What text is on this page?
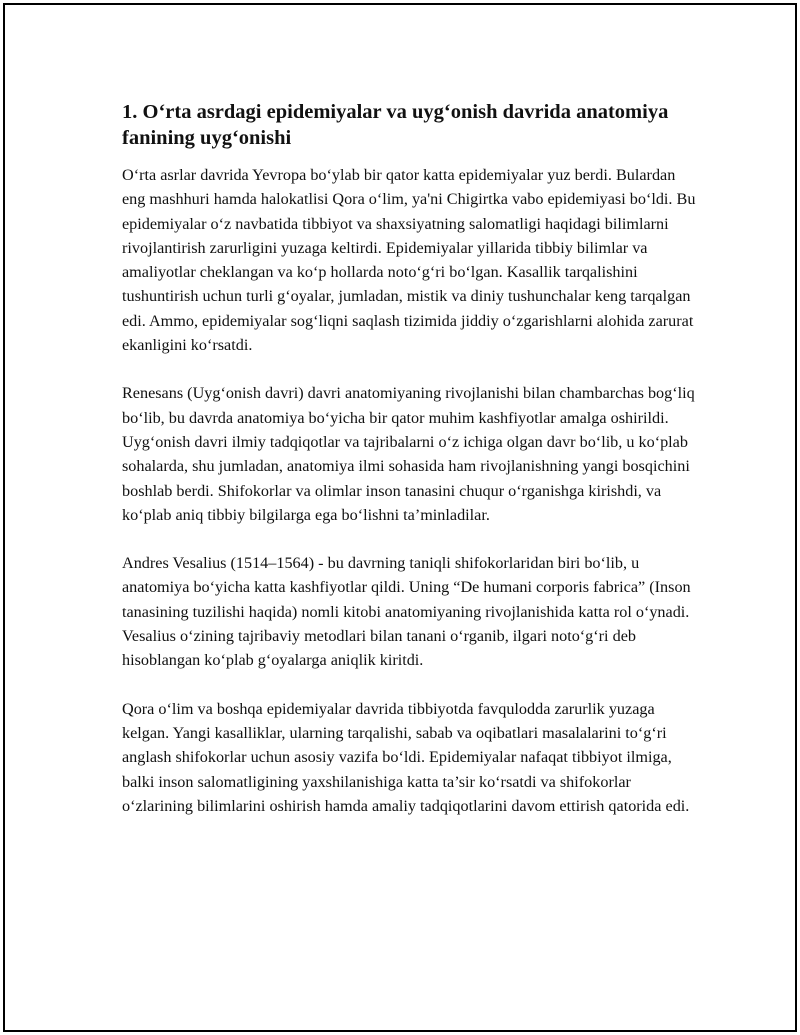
1. O‘rta asrdagi epidemiyalar va uyg‘onish davrida anatomiya fanining uyg‘onishi

O‘rta asrlar davrida Yevropa bo‘ylab bir qator katta epidemiyalar yuz berdi. Bulardan eng mashhuri hamda halokatlisi Qora o‘lim, ya'ni Chigirtka vabo epidemiyasi bo‘ldi. Bu epidemiyalar o‘z navbatida tibbiyot va shaxsiyatning salomatligi haqidagi bilimlarni rivojlantirish zarurligini yuzaga keltirdi. Epidemiyalar yillarida tibbiy bilimlar va amaliyotlar cheklangan va ko‘p hollarda noto‘g‘ri bo‘lgan. Kasallik tarqalishini tushuntirish uchun turli g‘oyalar, jumladan, mistik va diniy tushunchalar keng tarqalgan edi. Ammo, epidemiyalar sog‘liqni saqlash tizimida jiddiy o‘zgarishlarni alohida zarurat ekanligini ko‘rsatdi.

Renesans (Uyg‘onish davri) davri anatomiyaning rivojlanishi bilan chambarchas bog‘liq bo‘lib, bu davrda anatomiya bo‘yicha bir qator muhim kashfiyotlar amalga oshirildi. Uyg‘onish davri ilmiy tadqiqotlar va tajribalarni o‘z ichiga olgan davr bo‘lib, u ko‘plab sohalarda, shu jumladan, anatomiya ilmi sohasida ham rivojlanishning yangi bosqichini boshlab berdi. Shifokorlar va olimlar inson tanasini chuqur o‘rganishga kirishdi, va ko‘plab aniq tibbiy bilgilarga ega bo‘lishni ta’minladilar.

Andres Vesalius (1514–1564) - bu davrning taniqli shifokorlaridan biri bo‘lib, u anatomiya bo‘yicha katta kashfiyotlar qildi. Uning “De humani corporis fabrica” (Inson tanasining tuzilishi haqida) nomli kitobi anatomiyaning rivojlanishida katta rol o‘ynadi. Vesalius o‘zining tajribaviy metodlari bilan tanani o‘rganib, ilgari noto‘g‘ri deb hisoblangan ko‘plab g‘oyalarga aniqlik kiritdi.

Qora o‘lim va boshqa epidemiyalar davrida tibbiyotda favqulodda zarurlik yuzaga kelgan. Yangi kasalliklar, ularning tarqalishi, sabab va oqibatlari masalalarini to‘g‘ri anglash shifokorlar uchun asosiy vazifa bo‘ldi. Epidemiyalar nafaqat tibbiyot ilmiga, balki inson salomatligining yaxshilanishiga katta ta’sir ko‘rsatdi va shifokorlar o‘zlarining bilimlarini oshirish hamda amaliy tadqiqotlarini davom ettirish qatorida edi.
